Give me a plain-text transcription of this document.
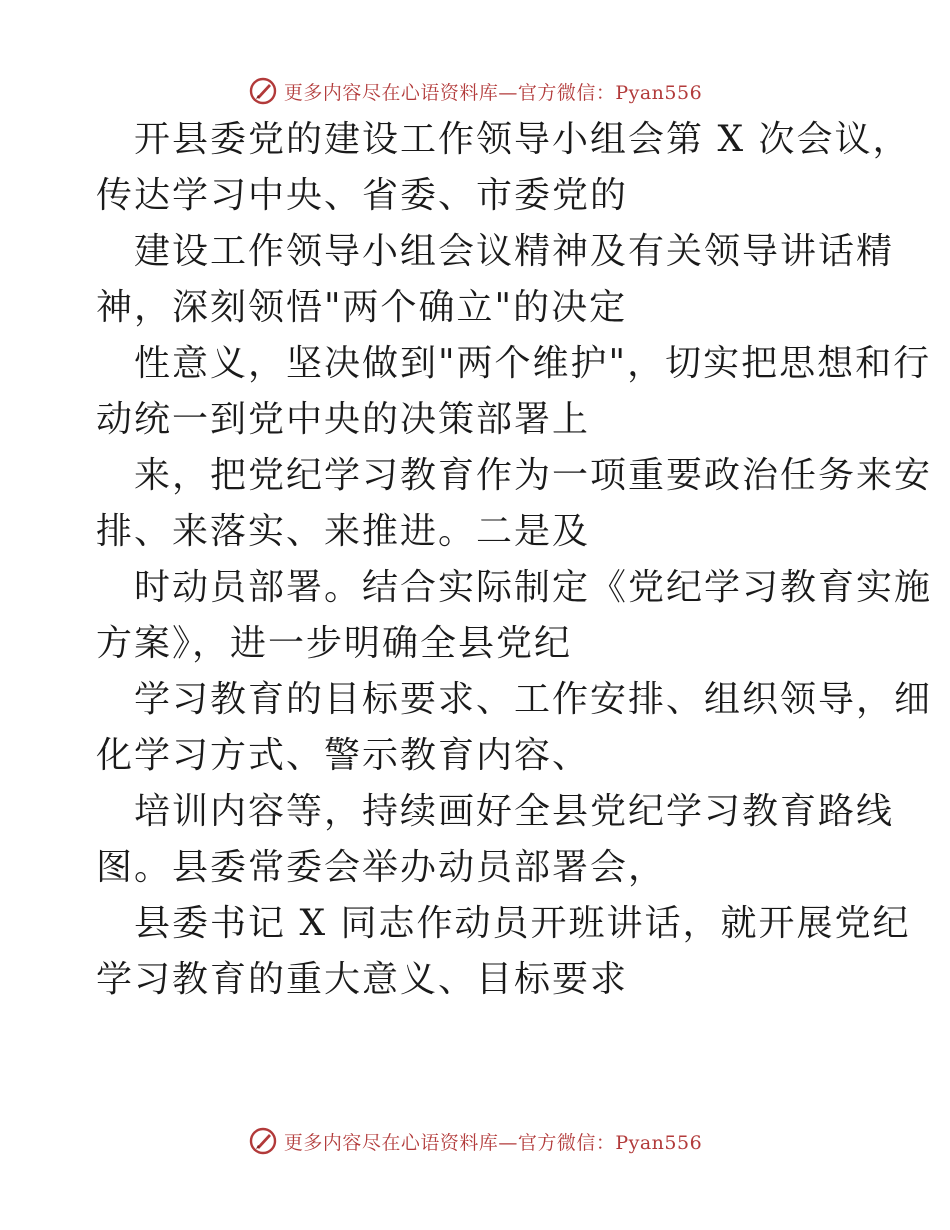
更多内容尽在心语资料库—官方微信：Pyan556
开县委党的建设工作领导小组会第 X 次会议，
传达学习中央、省委、市委党的
建设工作领导小组会议精神及有关领导讲话精
神，深刻领悟"两个确立"的决定
性意义，坚决做到"两个维护"，切实把思想和行
动统一到党中央的决策部署上
来，把党纪学习教育作为一项重要政治任务来安
排、来落实、来推进。二是及
时动员部署。结合实际制定《党纪学习教育实施
方案》，进一步明确全县党纪
学习教育的目标要求、工作安排、组织领导，细
化学习方式、警示教育内容、
培训内容等，持续画好全县党纪学习教育路线
图。县委常委会举办动员部署会，
县委书记 X 同志作动员开班讲话，就开展党纪
学习教育的重大意义、目标要求
更多内容尽在心语资料库—官方微信：Pyan556
